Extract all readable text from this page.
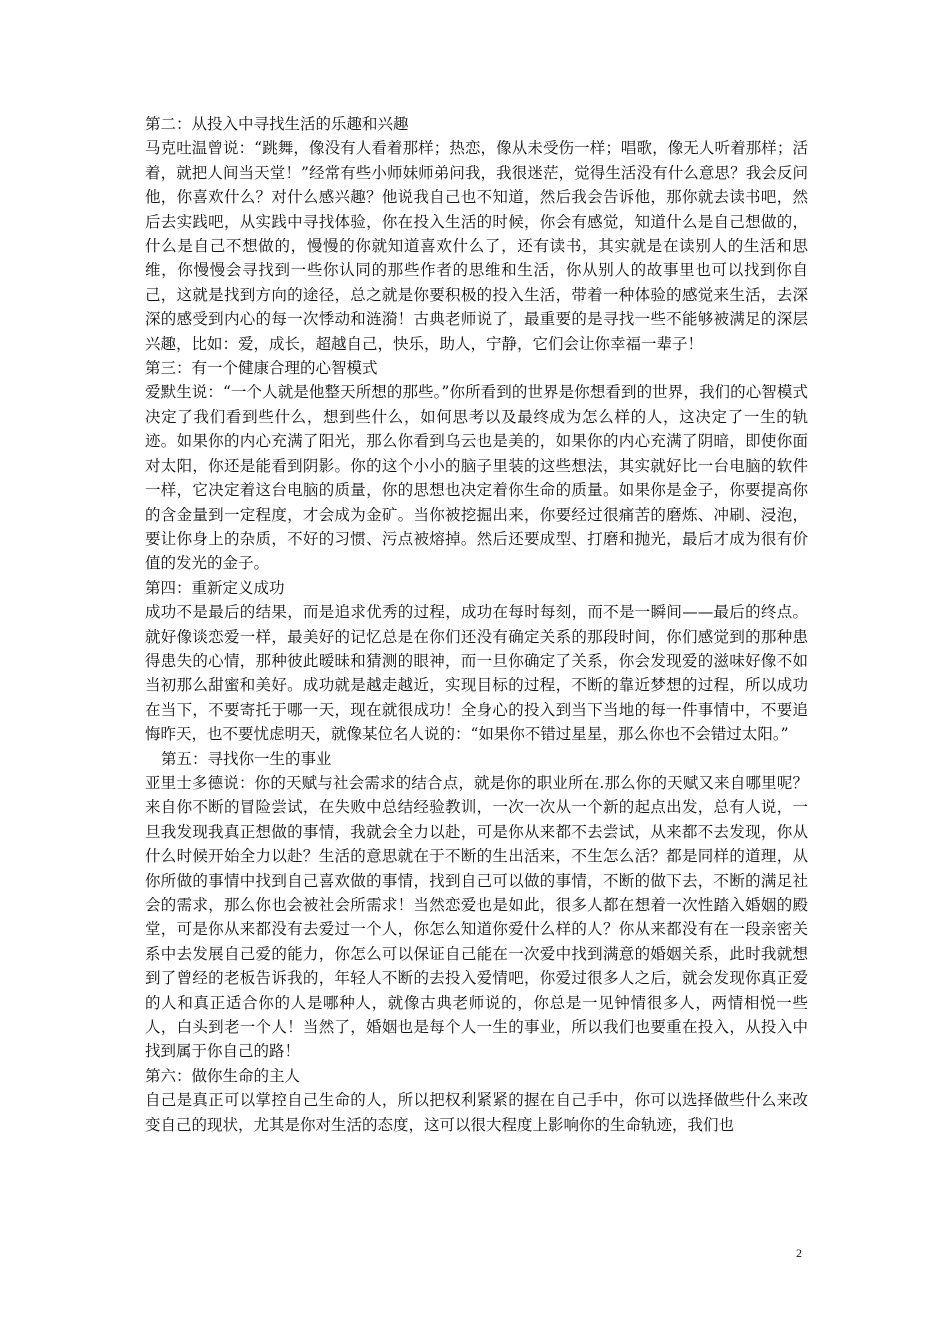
第二：从投入中寻找生活的乐趣和兴趣

马克吐温曾说：“跳舞，像没有人看着那样；热恋，像从未受伤一样；唱歌，像无人听着那样；活着，就把人间当天堂！”经常有些小师妹师弟问我，我很迷茫，觉得生活没有什么意思？我会反问他，你喜欢什么？对什么感兴趣？他说我自己也不知道，然后我会告诉他，那你就去读书吧，然后去实践吧，从实践中寻找体验，你在投入生活的时候，你会有感觉，知道什么是自己想做的，什么是自己不想做的，慢慢的你就知道喜欢什么了，还有读书，其实就是在读别人的生活和思维，你慢慢会寻找到一些你认同的那些作者的思维和生活，你从别人的故事里也可以找到你自己，这就是找到方向的途径，总之就是你要积极的投入生活，带着一种体验的感觉来生活，去深深的感受到内心的每一次悸动和涟漪！古典老师说了，最重要的是寻找一些不能够被满足的深层兴趣，比如：爱，成长，超越自己，快乐，助人，宁静，它们会让你幸福一辈子！

第三：有一个健康合理的心智模式

爱默生说：“一个人就是他整天所想的那些。”你所看到的世界是你想看到的世界，我们的心智模式决定了我们看到些什么，想到些什么，如何思考以及最终成为怎么样的人，这决定了一生的轨迹。如果你的内心充满了阳光，那么你看到乌云也是美的，如果你的内心充满了阴暗，即使你面对太阳，你还是能看到阴影。你的这个小小的脑子里装的这些想法，其实就好比一台电脑的软件一样，它决定着这台电脑的质量，你的思想也决定着你生命的质量。如果你是金子，你要提高你的含金量到一定程度，才会成为金矿。当你被挖掘出来，你要经过很痛苦的磨炼、冲刷、浸泡，要让你身上的杂质，不好的习惯、污点被熔掉。然后还要成型、打磨和抛光，最后才成为很有价值的发光的金子。

第四：重新定义成功

成功不是最后的结果，而是追求优秀的过程，成功在每时每刻，而不是一瞬间——最后的终点。就好像谈恋爱一样，最美好的记忆总是在你们还没有确定关系的那段时间，你们感觉到的那种患得患失的心情，那种彼此暧昧和猜测的眼神，而一旦你确定了关系，你会发现爱的滋味好像不如当初那么甜蜜和美好。成功就是越走越近，实现目标的过程，不断的靠近梦想的过程，所以成功在当下，不要寄托于哪一天，现在就很成功！全身心的投入到当下当地的每一件事情中，不要追悔昨天，也不要忧虑明天，就像某位名人说的：“如果你不错过星星，那么你也不会错过太阳。”

第五：寻找你一生的事业

亚里士多德说：你的天赋与社会需求的结合点，就是你的职业所在.那么你的天赋又来自哪里呢？来自你不断的冒险尝试，在失败中总结经验教训，一次一次从一个新的起点出发，总有人说，一旦我发现我真正想做的事情，我就会全力以赴，可是你从来都不去尝试，从来都不去发现，你从什么时候开始全力以赴？生活的意思就在于不断的生出活来，不生怎么活？都是同样的道理，从你所做的事情中找到自己喜欢做的事情，找到自己可以做的事情，不断的做下去，不断的满足社会的需求，那么你也会被社会所需求！当然恋爱也是如此，很多人都在想着一次性踏入婚姻的殿堂，可是你从来都没有去爱过一个人，你怎么知道你爱什么样的人？你从来都没有在一段亲密关系中去发展自己爱的能力，你怎么可以保证自己能在一次爱中找到满意的婚姻关系，此时我就想到了曾经的老板告诉我的，年轻人不断的去投入爱情吧，你爱过很多人之后，就会发现你真正爱的人和真正适合你的人是哪种人，就像古典老师说的，你总是一见钟情很多人，两情相悦一些人，白头到老一个人！当然了，婚姻也是每个人一生的事业，所以我们也要重在投入，从投入中找到属于你自己的路！

第六：做你生命的主人

自己是真正可以掌控自己生命的人，所以把权利紧紧的握在自己手中，你可以选择做些什么来改变自己的现状，尤其是你对生活的态度，这可以很大程度上影响你的生命轨迹，我们也

2
